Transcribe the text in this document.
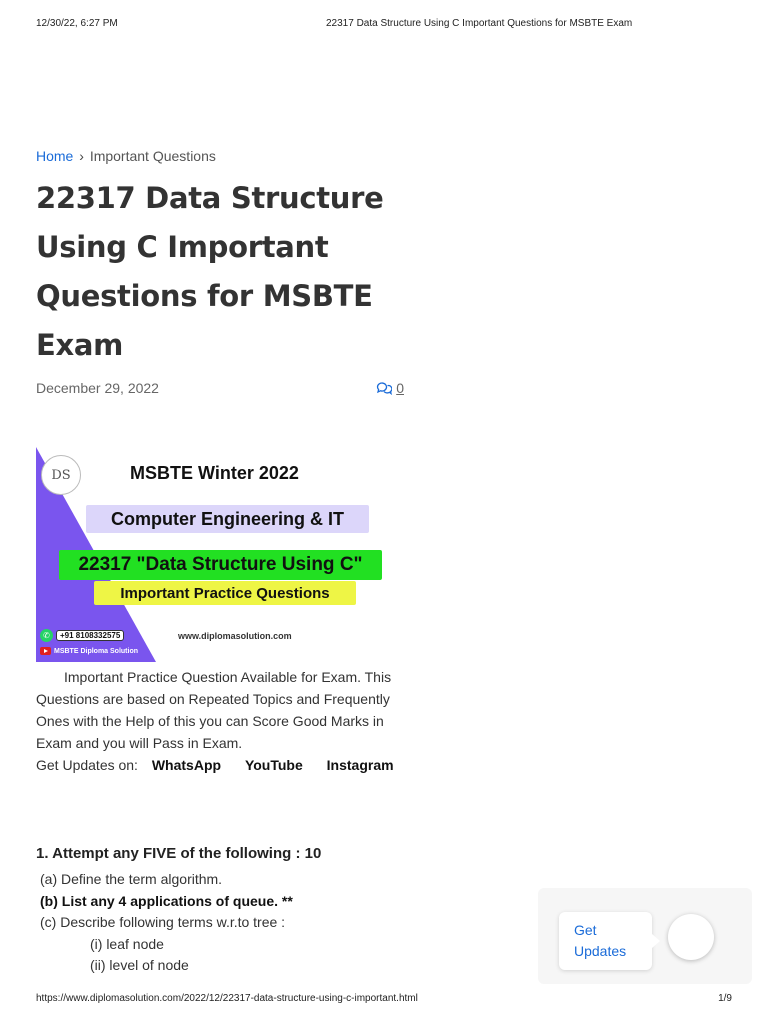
12/30/22, 6:27 PM	22317 Data Structure Using C Important Questions for MSBTE Exam
Home › Important Questions
22317 Data Structure Using C Important Questions for MSBTE Exam
December 29, 2022	0
DS	MSBTE Winter 2022
Computer Engineering & IT
22317 "Data Structure Using C"
Important Practice Questions
✆	+91 8108332575
MSBTE Diploma Solution
www.diplomasolution.com

Important Practice Question Available for Exam. This Questions are based on Repeated Topics and Frequently Ones with the Help of this you can Score Good Marks in Exam and you will Pass in Exam.

Get Updates on: WhatsApp YouTube Instagram
1. Attempt any FIVE of the following : 10
(a) Define the term algorithm.
(b) List any 4 applications of queue. **
(c) Describe following terms w.r.to tree :
(i) leaf node
(ii) level of node
Get Updates
https://www.diplomasolution.com/2022/12/22317-data-structure-using-c-important.html	1/9
